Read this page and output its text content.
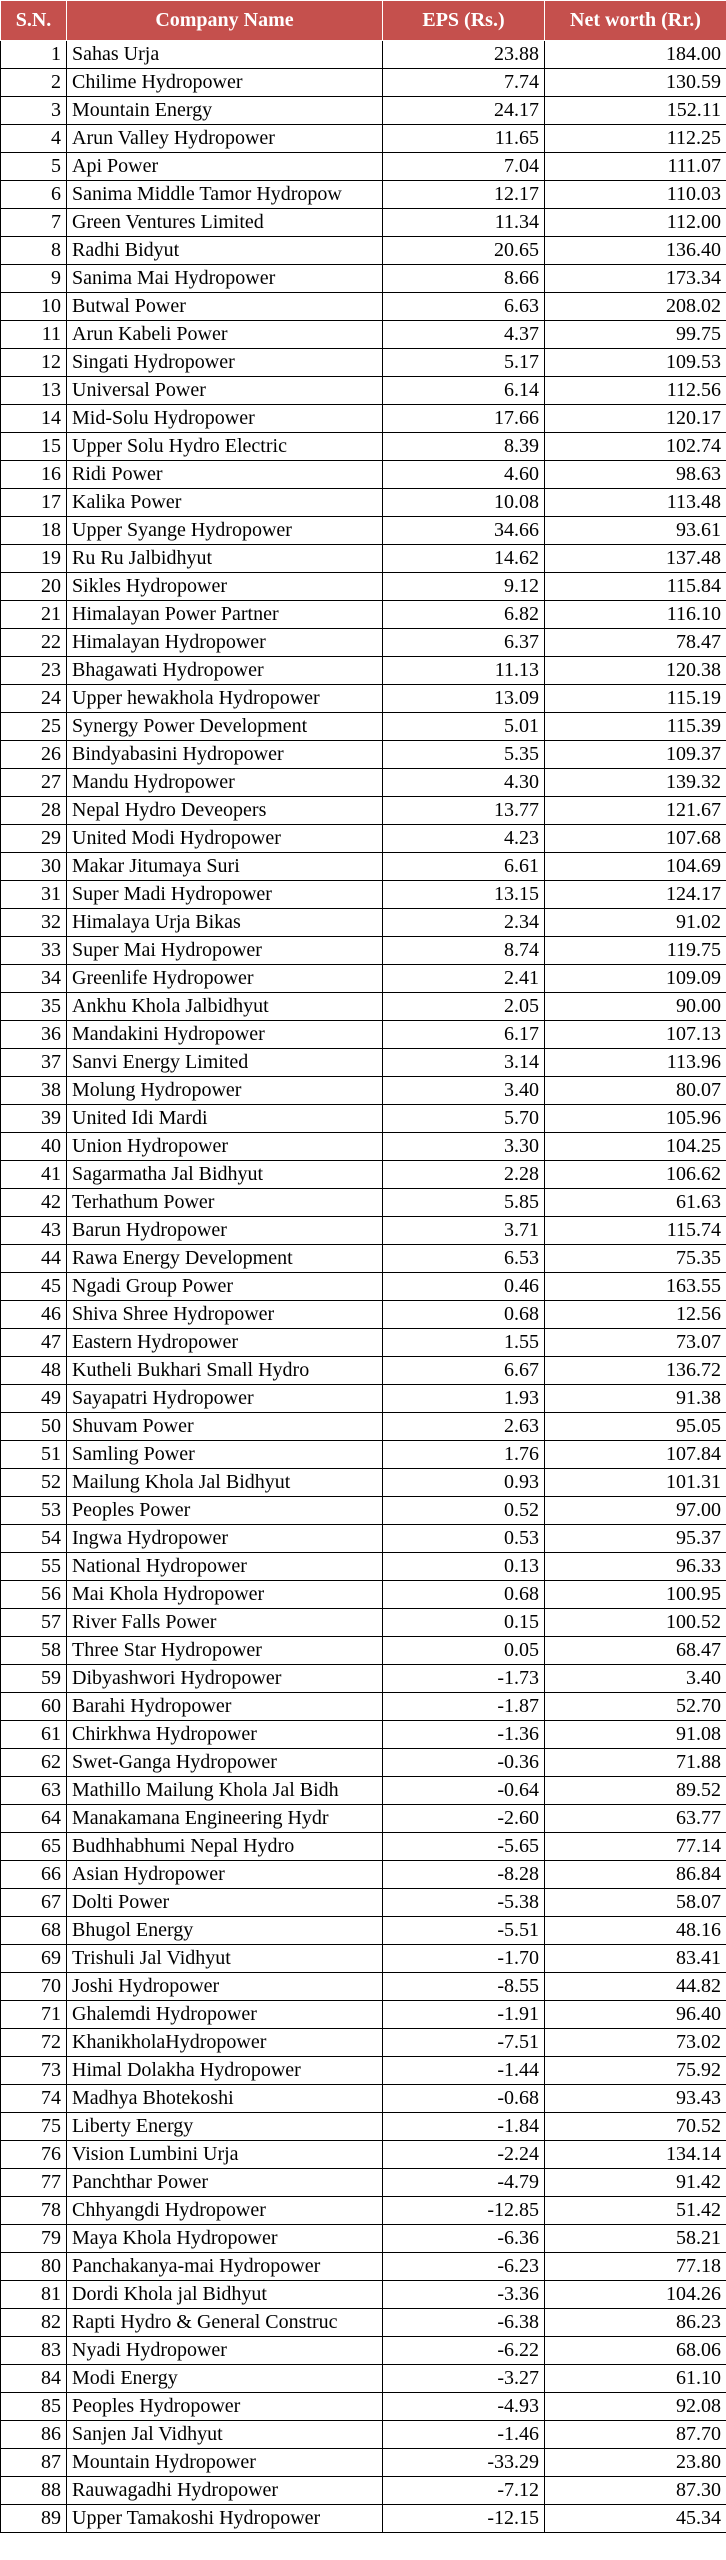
S.N.	Company Name	EPS (Rs.)	Net worth (Rr.)
1	Sahas Urja	23.88	184.00
2	Chilime Hydropower	7.74	130.59
3	Mountain Energy	24.17	152.11
4	Arun Valley Hydropower	11.65	112.25
5	Api Power	7.04	111.07
6	Sanima Middle Tamor Hydropow	12.17	110.03
7	Green Ventures Limited	11.34	112.00
8	Radhi Bidyut	20.65	136.40
9	Sanima Mai Hydropower	8.66	173.34
10	Butwal Power	6.63	208.02
11	Arun Kabeli Power	4.37	99.75
12	Singati Hydropower	5.17	109.53
13	Universal Power	6.14	112.56
14	Mid-Solu Hydropower	17.66	120.17
15	Upper Solu Hydro Electric	8.39	102.74
16	Ridi Power	4.60	98.63
17	Kalika Power	10.08	113.48
18	Upper Syange Hydropower	34.66	93.61
19	Ru Ru Jalbidhyut	14.62	137.48
20	Sikles Hydropower	9.12	115.84
21	Himalayan Power Partner	6.82	116.10
22	Himalayan Hydropower	6.37	78.47
23	Bhagawati Hydropower	11.13	120.38
24	Upper hewakhola Hydropower	13.09	115.19
25	Synergy Power Development	5.01	115.39
26	Bindyabasini Hydropower	5.35	109.37
27	Mandu Hydropower	4.30	139.32
28	Nepal Hydro Deveopers	13.77	121.67
29	United Modi Hydropower	4.23	107.68
30	Makar Jitumaya Suri	6.61	104.69
31	Super Madi Hydropower	13.15	124.17
32	Himalaya Urja Bikas	2.34	91.02
33	Super Mai Hydropower	8.74	119.75
34	Greenlife Hydropower	2.41	109.09
35	Ankhu Khola Jalbidhyut	2.05	90.00
36	Mandakini Hydropower	6.17	107.13
37	Sanvi Energy Limited	3.14	113.96
38	Molung Hydropower	3.40	80.07
39	United Idi Mardi	5.70	105.96
40	Union Hydropower	3.30	104.25
41	Sagarmatha Jal Bidhyut	2.28	106.62
42	Terhathum Power	5.85	61.63
43	Barun Hydropower	3.71	115.74
44	Rawa Energy Development	6.53	75.35
45	Ngadi Group Power	0.46	163.55
46	Shiva Shree Hydropower	0.68	12.56
47	Eastern Hydropower	1.55	73.07
48	Kutheli Bukhari Small Hydro	6.67	136.72
49	Sayapatri Hydropower	1.93	91.38
50	Shuvam Power	2.63	95.05
51	Samling Power	1.76	107.84
52	Mailung Khola Jal Bidhyut	0.93	101.31
53	Peoples Power	0.52	97.00
54	Ingwa Hydropower	0.53	95.37
55	National Hydropower	0.13	96.33
56	Mai Khola Hydropower	0.68	100.95
57	River Falls Power	0.15	100.52
58	Three Star Hydropower	0.05	68.47
59	Dibyashwori Hydropower	-1.73	3.40
60	Barahi Hydropower	-1.87	52.70
61	Chirkhwa Hydropower	-1.36	91.08
62	Swet-Ganga Hydropower	-0.36	71.88
63	Mathillo Mailung Khola Jal Bidh	-0.64	89.52
64	Manakamana Engineering Hydr	-2.60	63.77
65	Budhhabhumi Nepal Hydro	-5.65	77.14
66	Asian Hydropower	-8.28	86.84
67	Dolti Power	-5.38	58.07
68	Bhugol Energy	-5.51	48.16
69	Trishuli Jal Vidhyut	-1.70	83.41
70	Joshi Hydropower	-8.55	44.82
71	Ghalemdi Hydropower	-1.91	96.40
72	KhanikholaHydropower	-7.51	73.02
73	Himal Dolakha Hydropower	-1.44	75.92
74	Madhya Bhotekoshi	-0.68	93.43
75	Liberty Energy	-1.84	70.52
76	Vision Lumbini Urja	-2.24	134.14
77	Panchthar Power	-4.79	91.42
78	Chhyangdi Hydropower	-12.85	51.42
79	Maya Khola Hydropower	-6.36	58.21
80	Panchakanya-mai Hydropower	-6.23	77.18
81	Dordi Khola jal Bidhyut	-3.36	104.26
82	Rapti Hydro & General Construc	-6.38	86.23
83	Nyadi Hydropower	-6.22	68.06
84	Modi Energy	-3.27	61.10
85	Peoples Hydropower	-4.93	92.08
86	Sanjen Jal Vidhyut	-1.46	87.70
87	Mountain Hydropower	-33.29	23.80
88	Rauwagadhi Hydropower	-7.12	87.30
89	Upper Tamakoshi Hydropower	-12.15	45.34
